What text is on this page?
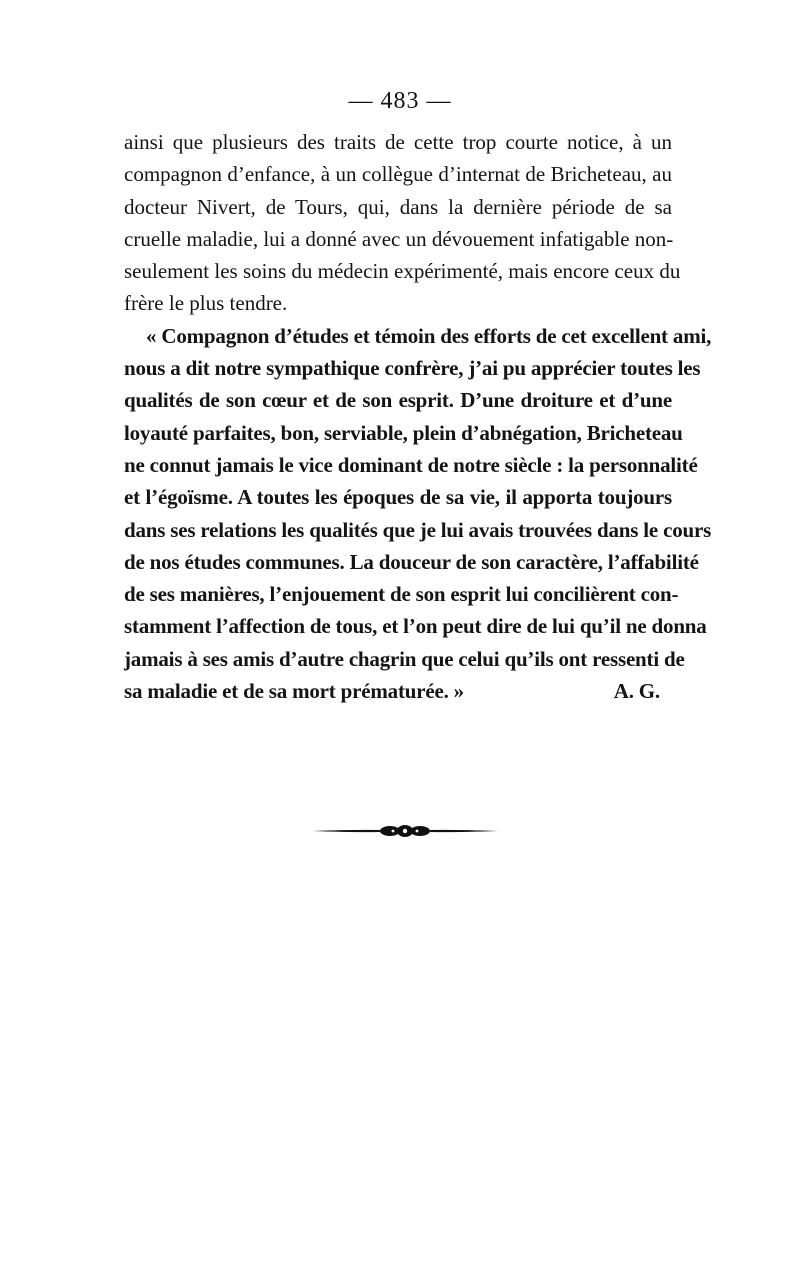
— 483 —
ainsi que plusieurs des traits de cette trop courte notice, à un
compagnon d’enfance, à un collègue d’internat de Bricheteau, au
docteur Nivert, de Tours, qui, dans la dernière période de sa
cruelle maladie, lui a donné avec un dévouement infatigable non-
seulement les soins du médecin expérimenté, mais encore ceux du
frère le plus tendre.
« Compagnon d’études et témoin des efforts de cet excellent ami,
nous a dit notre sympathique confrère, j’ai pu apprécier toutes les
qualités de son cœur et de son esprit. D’une droiture et d’une
loyauté parfaites, bon, serviable, plein d’abnégation, Bricheteau
ne connut jamais le vice dominant de notre siècle : la personnalité
et l’égoïsme. A toutes les époques de sa vie, il apporta toujours
dans ses relations les qualités que je lui avais trouvées dans le cours
de nos études communes. La douceur de son caractère, l’affabilité
de ses manières, l’enjouement de son esprit lui concilièrent con-
stamment l’affection de tous, et l’on peut dire de lui qu’il ne donna
jamais à ses amis d’autre chagrin que celui qu’ils ont ressenti de
sa maladie et de sa mort prématurée. »	A. G.
